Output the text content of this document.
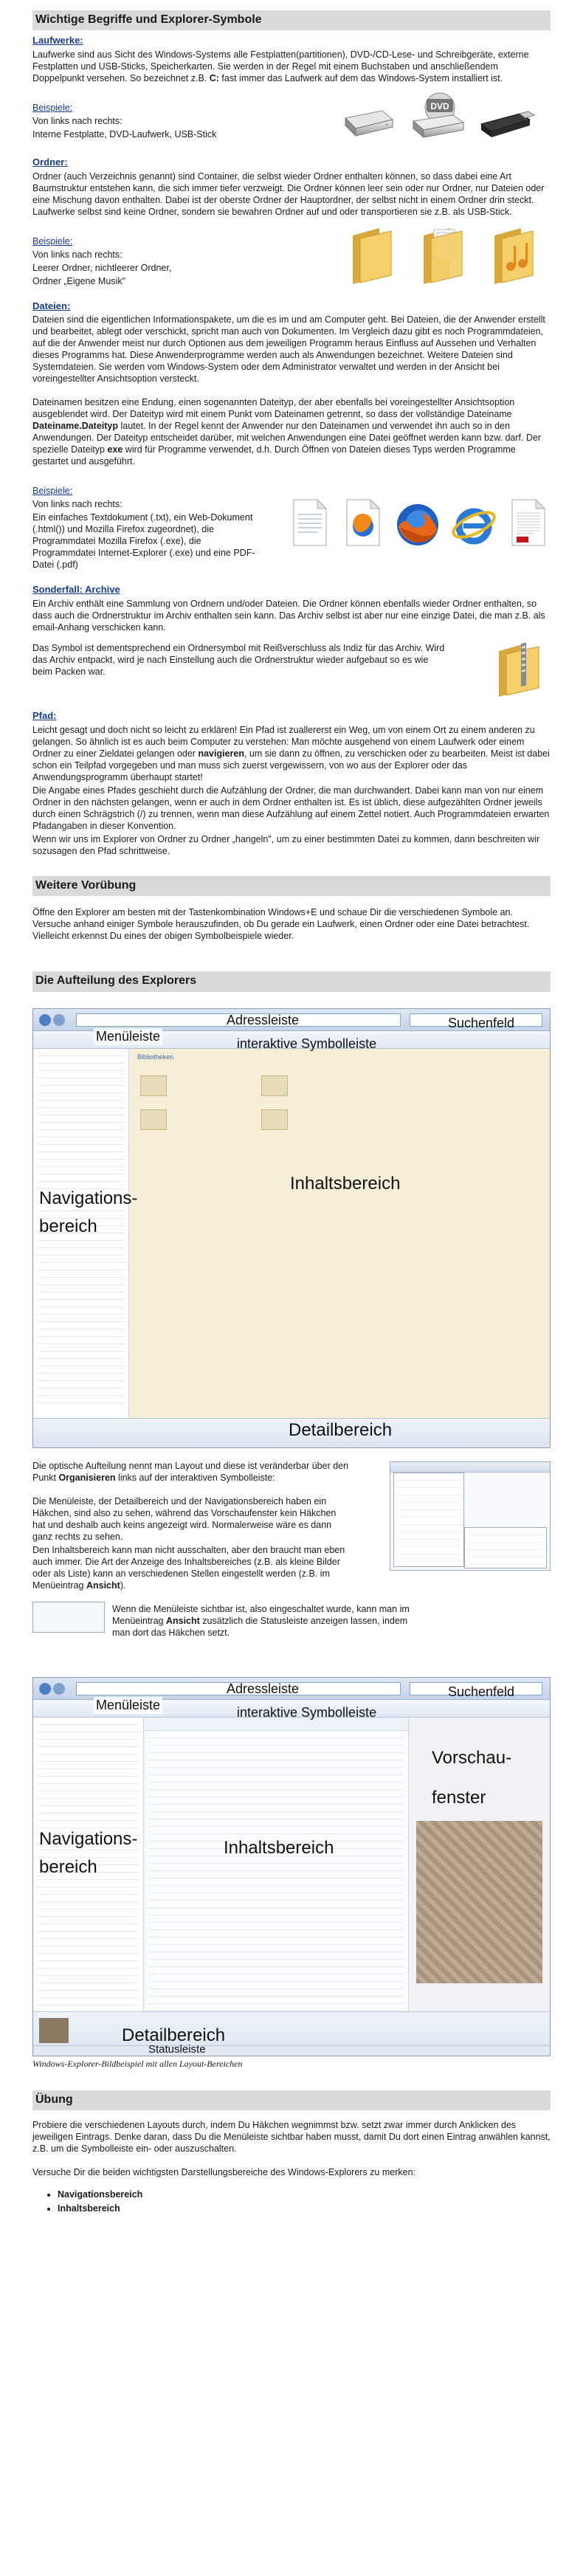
Wichtige Begriffe und Explorer-Symbole
Laufwerke:

Laufwerke sind aus Sicht des Windows-Systems alle Festplatten(partitionen), DVD-/CD-Lese- und Schreibgeräte, externe Festplatten und USB-Sticks, Speicherkarten. Sie werden in der Regel mit einem Buchstaben und anschließendem Doppelpunkt versehen. So bezeichnet z.B. C: fast immer das Laufwerk auf dem das Windows-System installiert ist.

Beispiele:

Von links nach rechts:

Interne Festplatte, DVD-Laufwerk, USB-Stick

DVD
Ordner:

Ordner (auch Verzeichnis genannt) sind Container, die selbst wieder Ordner enthalten können, so dass dabei eine Art Baumstruktur entstehen kann, die sich immer tiefer verzweigt. Die Ordner können leer sein oder nur Ordner, nur Dateien oder eine Mischung davon enthalten. Dabei ist der oberste Ordner der Hauptordner, der selbst nicht in einem Ordner drin steckt. Laufwerke selbst sind keine Ordner, sondern sie bewahren Ordner auf und oder transportieren sie z.B. als USB-Stick.

Beispiele:

Von links nach rechts:

Leerer Ordner, nichtleerer Ordner,

Ordner „Eigene Musik"

Dateien:

Dateien sind die eigentlichen Informationspakete, um die es im und am Computer geht. Bei Dateien, die der Anwender erstellt und bearbeitet, ablegt oder verschickt, spricht man auch von Dokumenten. Im Vergleich dazu gibt es noch Programmdateien, auf die der Anwender meist nur durch Optionen aus dem jeweiligen Programm heraus Einfluss auf Aussehen und Verhalten dieses Programms hat. Diese Anwenderprogramme werden auch als Anwendungen bezeichnet. Weitere Dateien sind Systemdateien. Sie werden vom Windows-System oder dem Administrator verwaltet und werden in der Ansicht bei voreingestellter Ansichtsoption versteckt.

Dateinamen besitzen eine Endung, einen sogenannten Dateityp, der aber ebenfalls bei voreingestellter Ansichtsoption ausgeblendet wird. Der Dateityp wird mit einem Punkt vom Dateinamen getrennt, so dass der vollständige Dateiname Dateiname.Dateityp lautet. In der Regel kennt der Anwender nur den Dateinamen und verwendet ihn auch so in den Anwendungen. Der Dateityp entscheidet darüber, mit welchen Anwendungen eine Datei geöffnet werden kann bzw. darf. Der spezielle Dateityp exe wird für Programme verwendet, d.h. Durch Öffnen von Dateien dieses Typs werden Programme gestartet und ausgeführt.

Beispiele:

Von links nach rechts:

Ein einfaches Textdokument (.txt), ein Web-Dokument (.html()) und Mozilla Firefox zugeordnet), die Programmdatei Mozilla Firefox (.exe), die Programmdatei Internet-Explorer (.exe) und eine PDF-Datei (.pdf)

Sonderfall: Archive

Ein Archiv enthält eine Sammlung von Ordnern und/oder Dateien. Die Ordner können ebenfalls wieder Ordner enthalten, so dass auch die Ordnerstruktur im Archiv enthalten sein kann. Das Archiv selbst ist aber nur eine einzige Datei, die man z.B. als email-Anhang verschicken kann.

Das Symbol ist dementsprechend ein Ordnersymbol mit Reißverschluss als Indiz für das Archiv. Wird das Archiv entpackt, wird je nach Einstellung auch die Ordnerstruktur wieder aufgebaut so es wie beim Packen war.

Pfad:

Leicht gesagt und doch nicht so leicht zu erklären! Ein Pfad ist zuallererst ein Weg, um von einem Ort zu einem anderen zu gelangen. So ähnlich ist es auch beim Computer zu verstehen: Man möchte ausgehend von einem Laufwerk oder einem Ordner zu einer Zieldatei gelangen oder navigieren, um sie dann zu öffnen, zu verschicken oder zu bearbeiten. Meist ist dabei schon ein Teilpfad vorgegeben und man muss sich zuerst vergewissern, von wo aus der Explorer oder das Anwendungsprogramm überhaupt startet!

Die Angabe eines Pfades geschieht durch die Aufzählung der Ordner, die man durchwandert. Dabei kann man von nur einem Ordner in den nächsten gelangen, wenn er auch in dem Ordner enthalten ist. Es ist üblich, diese aufgezählten Ordner jeweils durch einen Schrägstrich (/) zu trennen, wenn man diese Aufzählung auf einem Zettel notiert. Auch Programmdateien erwarten Pfadangaben in dieser Konvention.

Wenn wir uns im Explorer von Ordner zu Ordner „hangeln", um zu einer bestimmten Datei zu kommen, dann beschreiten wir sozusagen den Pfad schrittweise.

Weitere Vorübung

Öffne den Explorer am besten mit der Tastenkombination Windows+E und schaue Dir die verschiedenen Symbole an. Versuche anhand einiger Symbole herauszufinden, ob Du gerade ein Laufwerk, einen Ordner oder eine Datei betrachtest. Vielleicht erkennst Du eines der obigen Symbolbeispiele wieder.

Die Aufteilung des Explorers
Bibliotheken
Adressleiste	Suchenfeld
Menüleiste	interaktive Symbolleiste
Navigations-
bereich
Inhaltsbereich
Detailbereich

Die optische Aufteilung nennt man Layout und diese ist veränderbar über den Punkt Organisieren links auf der interaktiven Symbolleiste:

Die Menüleiste, der Detailbereich und der Navigationsbereich haben ein Häkchen, sind also zu sehen, während das Vorschaufenster kein Häkchen hat und deshalb auch keins angezeigt wird. Normalerweise wäre es dann ganz rechts zu sehen.

Den Inhaltsbereich kann man nicht ausschalten, aber den braucht man eben auch immer. Die Art der Anzeige des Inhaltsbereiches (z.B. als kleine Bilder oder als Liste) kann an verschiedenen Stellen eingestellt werden (z.B. im Menüeintrag Ansicht).

Wenn die Menüleiste sichtbar ist, also eingeschaltet wurde, kann man im Menüeintrag Ansicht zusätzlich die Statusleiste anzeigen lassen, indem man dort das Häkchen setzt.

Adressleiste	Suchenfeld
Menüleiste	interaktive Symbolleiste
Navigations-
bereich
Inhaltsbereich
Vorschau-
fenster
Detailbereich
Statusleiste
Windows-Explorer-Bildbeispiel mit allen Layout-Bereichen
Übung

Probiere die verschiedenen Layouts durch, indem Du Häkchen wegnimmst bzw. setzt zwar immer durch Anklicken des jeweiligen Eintrags. Denke daran, dass Du die Menüleiste sichtbar haben musst, damit Du dort einen Eintrag anwählen kannst, z.B. um die Symbolleiste ein- oder auszuschalten.

Versuche Dir die beiden wichtigsten Darstellungsbereiche des Windows-Explorers zu merken:

• Navigationsbereich
• Inhaltsbereich
